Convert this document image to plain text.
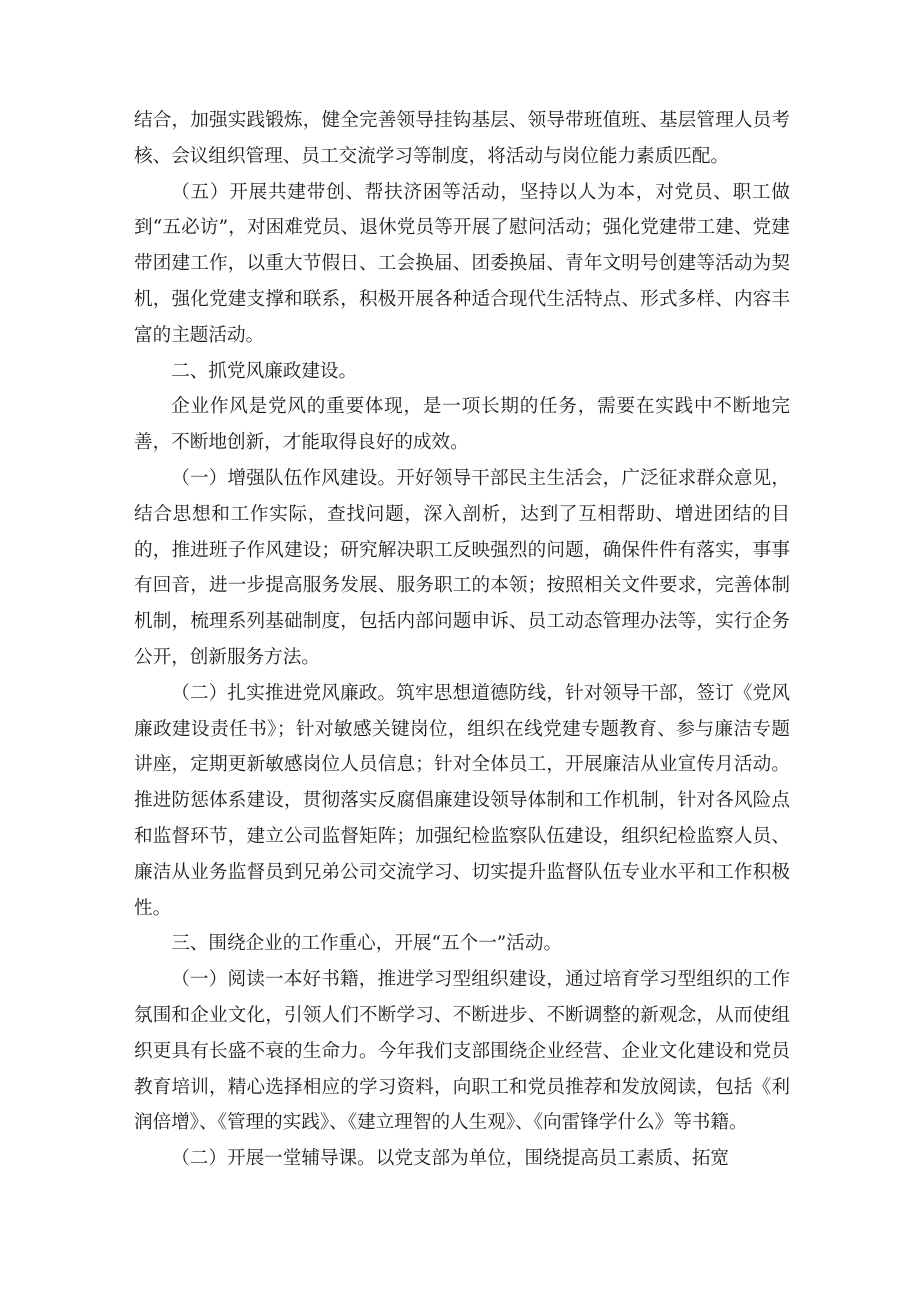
结合，加强实践锻炼，健全完善领导挂钩基层、领导带班值班、基层管理人员考核、会议组织管理、员工交流学习等制度，将活动与岗位能力素质匹配。

（五）开展共建带创、帮扶济困等活动，坚持以人为本，对党员、职工做到“五必访”，对困难党员、退休党员等开展了慰问活动；强化党建带工建、党建带团建工作，以重大节假日、工会换届、团委换届、青年文明号创建等活动为契机，强化党建支撑和联系，积极开展各种适合现代生活特点、形式多样、内容丰富的主题活动。

二、抓党风廉政建设。

企业作风是党风的重要体现，是一项长期的任务，需要在实践中不断地完善，不断地创新，才能取得良好的成效。

（一）增强队伍作风建设。开好领导干部民主生活会，广泛征求群众意见，结合思想和工作实际，查找问题，深入剖析，达到了互相帮助、增进团结的目的，推进班子作风建设；研究解决职工反映强烈的问题，确保件件有落实，事事有回音，进一步提高服务发展、服务职工的本领；按照相关文件要求，完善体制机制，梳理系列基础制度，包括内部问题申诉、员工动态管理办法等，实行企务公开，创新服务方法。

（二）扎实推进党风廉政。筑牢思想道德防线，针对领导干部，签订《党风廉政建设责任书》；针对敏感关键岗位，组织在线党建专题教育、参与廉洁专题讲座，定期更新敏感岗位人员信息；针对全体员工，开展廉洁从业宣传月活动。推进防惩体系建设，贯彻落实反腐倡廉建设领导体制和工作机制，针对各风险点和监督环节，建立公司监督矩阵；加强纪检监察队伍建设，组织纪检监察人员、廉洁从业务监督员到兄弟公司交流学习、切实提升监督队伍专业水平和工作积极性。

三、围绕企业的工作重心，开展“五个一”活动。

（一）阅读一本好书籍，推进学习型组织建设，通过培育学习型组织的工作氛围和企业文化，引领人们不断学习、不断进步、不断调整的新观念，从而使组织更具有长盛不衰的生命力。今年我们支部围绕企业经营、企业文化建设和党员教育培训，精心选择相应的学习资料，向职工和党员推荐和发放阅读，包括《利润倍增》、《管理的实践》、《建立理智的人生观》、《向雷锋学什么》等书籍。

（二）开展一堂辅导课。以党支部为单位，围绕提高员工素质、拓宽
